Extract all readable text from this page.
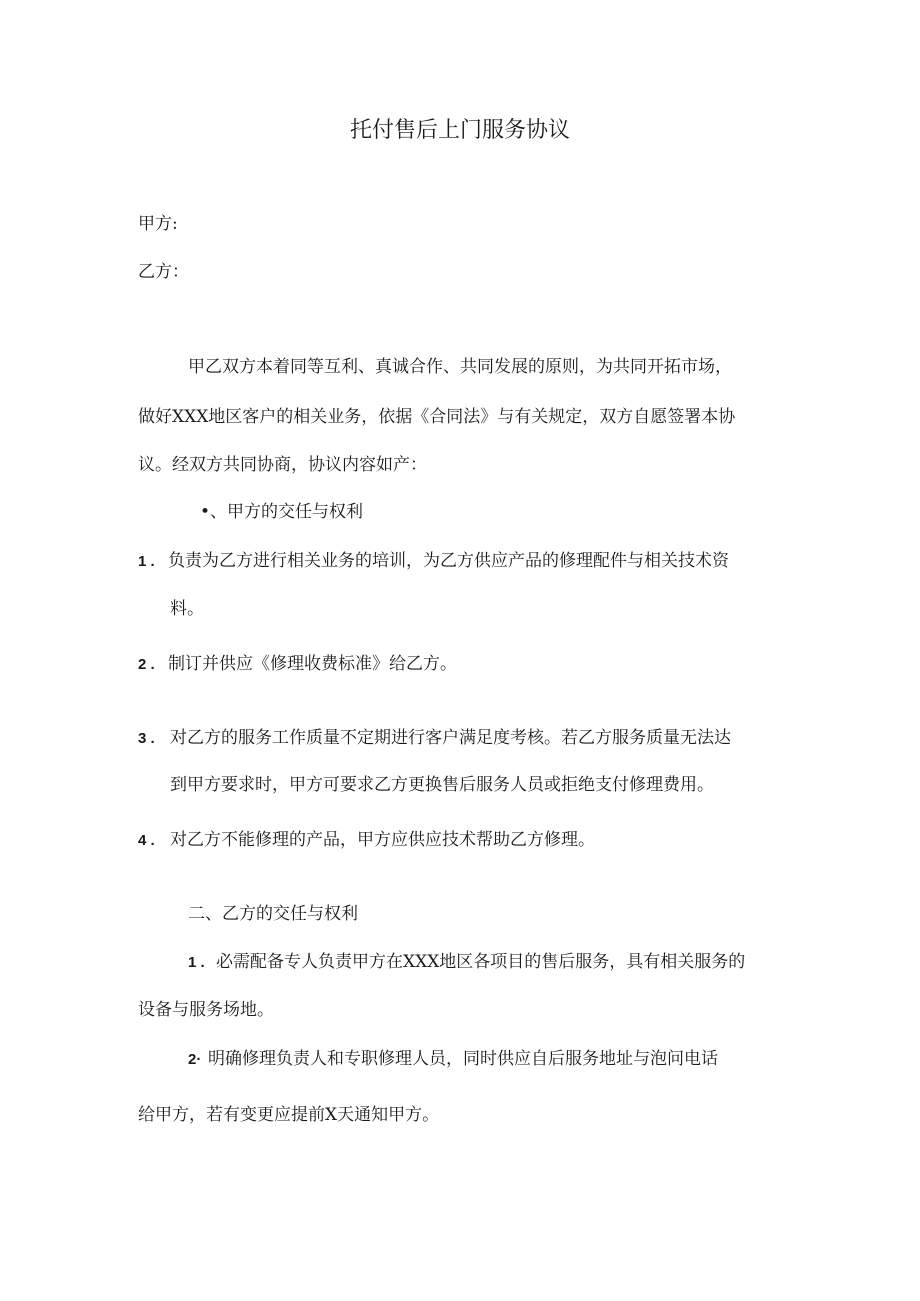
托付售后上门服务协议
甲方:
乙方：
甲乙双方本着同等互利、真诚合作、共同发展的原则，为共同开拓市场，
做好XXX地区客户的相关业务，依据《合同法》与有关规定，双方自愿签署本协
议。经双方共同协商，协议内容如产：
•、甲方的交任与权利
1 . 负责为乙方进行相关业务的培训，为乙方供应产品的修理配件与相关技术资
料。
2 . 制订并供应《修理收费标准》给乙方。
3 . 对乙方的服务工作质量不定期进行客户满足度考核。若乙方服务质量无法达
到甲方要求时，甲方可要求乙方更换售后服务人员或拒绝支付修理费用。
4 . 对乙方不能修理的产品，甲方应供应技术帮助乙方修理。
二、乙方的交任与权利
1 . 必需配备专人负责甲方在XXX地区各项目的售后服务，具有相关服务的
设备与服务场地。
2· 明确修理负责人和专职修理人员，同时供应自后服务地址与泡问电话
给甲方，若有变更应提前X天通知甲方。
